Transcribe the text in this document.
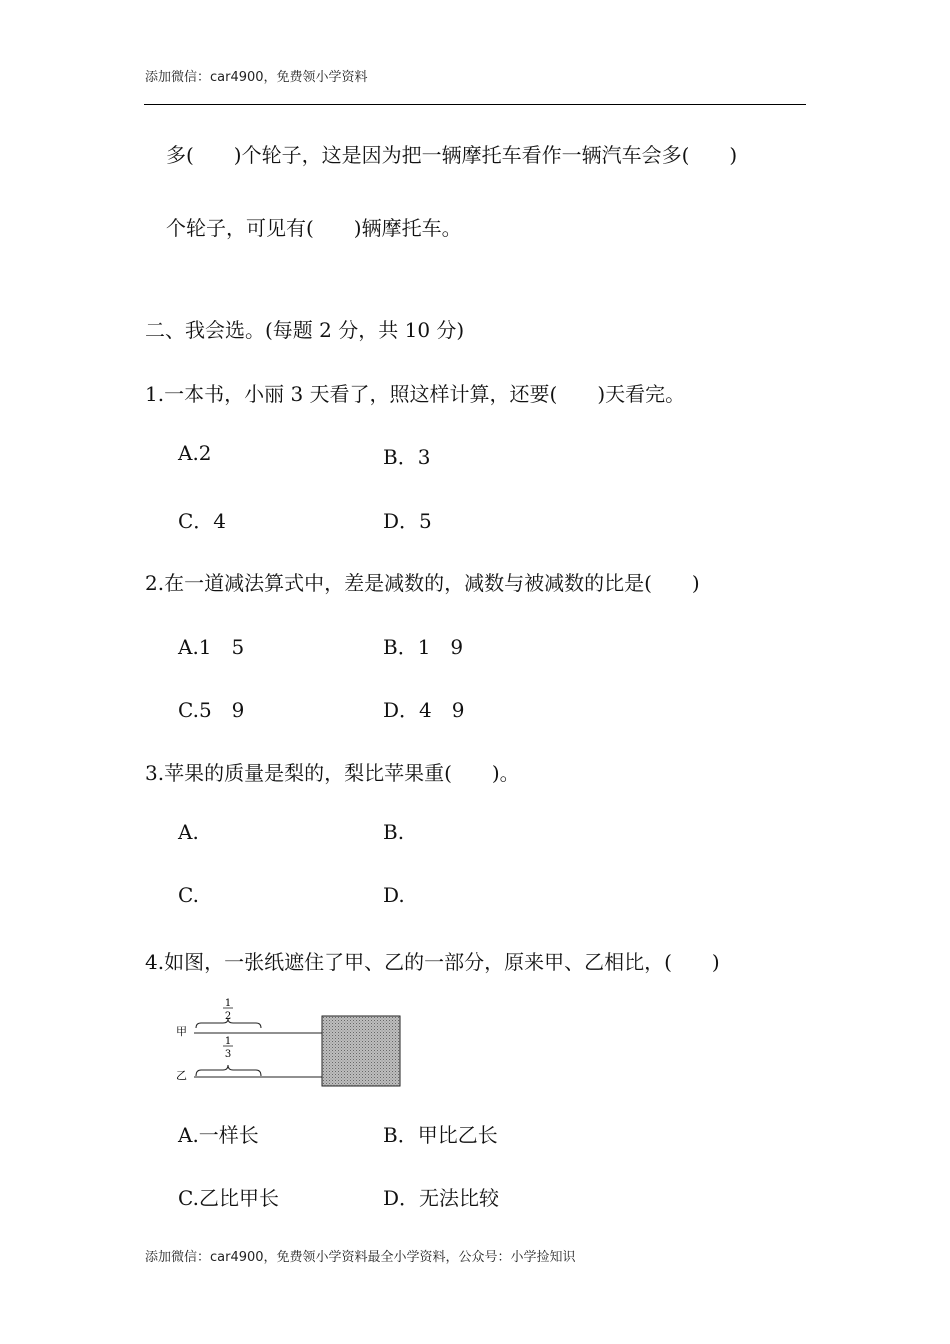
添加微信：car4900，免费领小学资料
多(　　)个轮子，这是因为把一辆摩托车看作一辆汽车会多(　　)
个轮子，可见有(　　)辆摩托车。
二、我会选。(每题 2 分，共 10 分)
1.一本书，小丽 3 天看了，照这样计算，还要(　　)天看完。
A.2	B．3
C．4	D．5
2.在一道减法算式中，差是减数的，减数与被减数的比是(　　)
A.1　5	B．1　9
C.5　9	D．4　9
3.苹果的质量是梨的，梨比苹果重(　　)。
A.	B.
C.	D.
4.如图，一张纸遮住了甲、乙的一部分，原来甲、乙相比，(　　)
1
2
甲
1
3
乙
A.一样长	B．甲比乙长
C.乙比甲长	D．无法比较
添加微信：car4900，免费领小学资料最全小学资料，公众号：小学捡知识
